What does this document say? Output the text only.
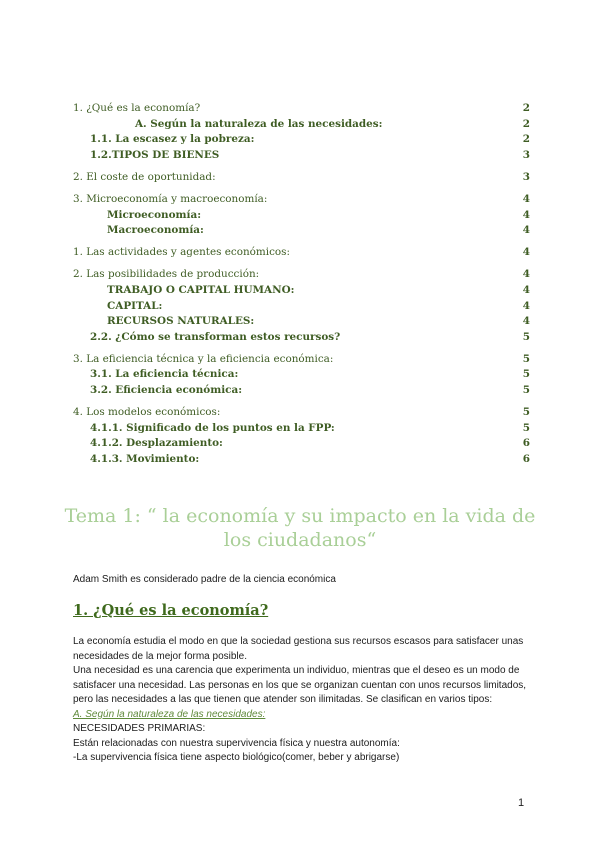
1. ¿Qué es la economía?	2
A. Según la naturaleza de las necesidades:	2
1.1. La escasez y la pobreza:	2
1.2.TIPOS DE BIENES	3
2. El coste de oportunidad:	3
3. Microeconomía y macroeconomía:	4
Microeconomía:	4
Macroeconomía:	4
1. Las actividades y agentes económicos:	4
2. Las posibilidades de producción:	4
TRABAJO O CAPITAL HUMANO:	4
CAPITAL:	4
RECURSOS NATURALES:	4
2.2. ¿Cómo se transforman estos recursos?	5
3. La eficiencia técnica y la eficiencia económica:	5
3.1. La eficiencia técnica:	5
3.2. Eficiencia económica:	5
4. Los modelos económicos:	5
4.1.1. Significado de los puntos en la FPP:	5
4.1.2. Desplazamiento:	6
4.1.3. Movimiento:	6
Tema 1: “ la economía y su impacto en la vida de los ciudadanos“
Adam Smith es considerado padre de la ciencia económica
1. ¿Qué es la economía?

La economía estudia el modo en que la sociedad gestiona sus recursos escasos para satisfacer unas necesidades de la mejor forma posible.

Una necesidad es una carencia que experimenta un individuo, mientras que el deseo es un modo de satisfacer una necesidad. Las personas en los que se organizan cuentan con unos recursos limitados, pero las necesidades a las que tienen que atender son ilimitadas. Se clasifican en varios tipos:

A. Según la naturaleza de las necesidades:

NECESIDADES PRIMARIAS:

Están relacionadas con nuestra supervivencia física y nuestra autonomía:

-La supervivencia física tiene aspecto biológico(comer, beber y abrigarse)

1
